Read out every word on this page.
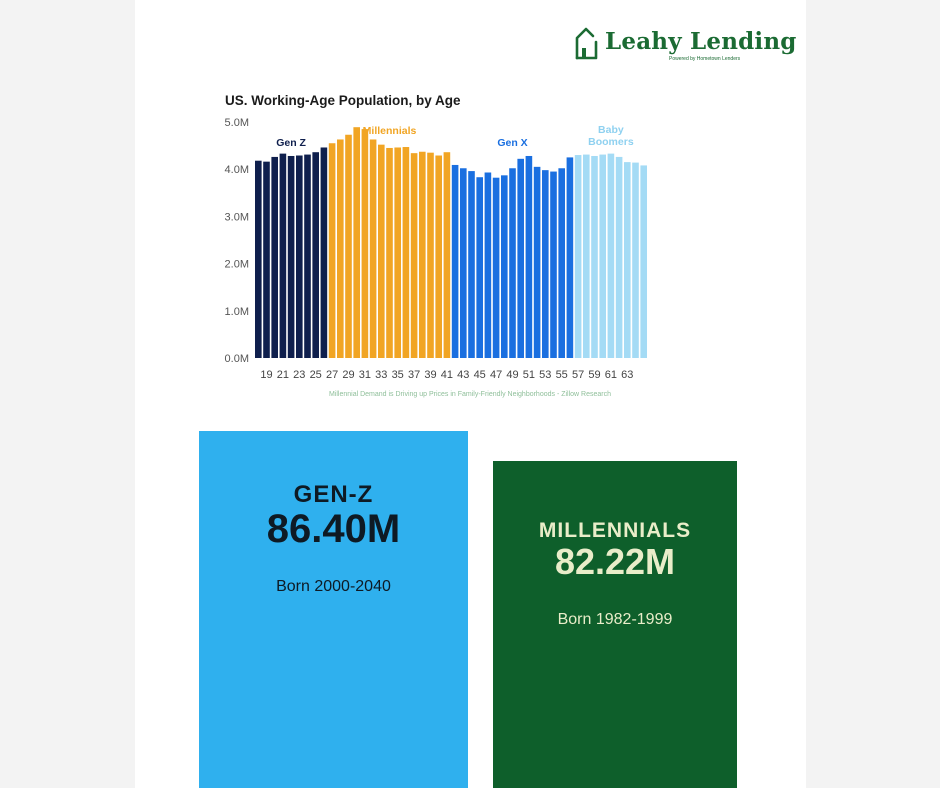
Leahy Lending
Powered by Hometown Lenders
US. Working-Age Population, by Age
0.0M
1.0M
2.0M
3.0M
4.0M
5.0M
Gen Z
Millennials
Gen X
Baby
Boomers
19 21 23 25 27 29 31 33 35 37 39 41 43 45 47 49 51 53 55 57 59 61 63
Millennial Demand is Driving up Prices in Family-Friendly Neighborhoods - Zillow Research
GEN-Z
86.40M
Born 2000-2040
MILLENNIALS
82.22M
Born 1982-1999
